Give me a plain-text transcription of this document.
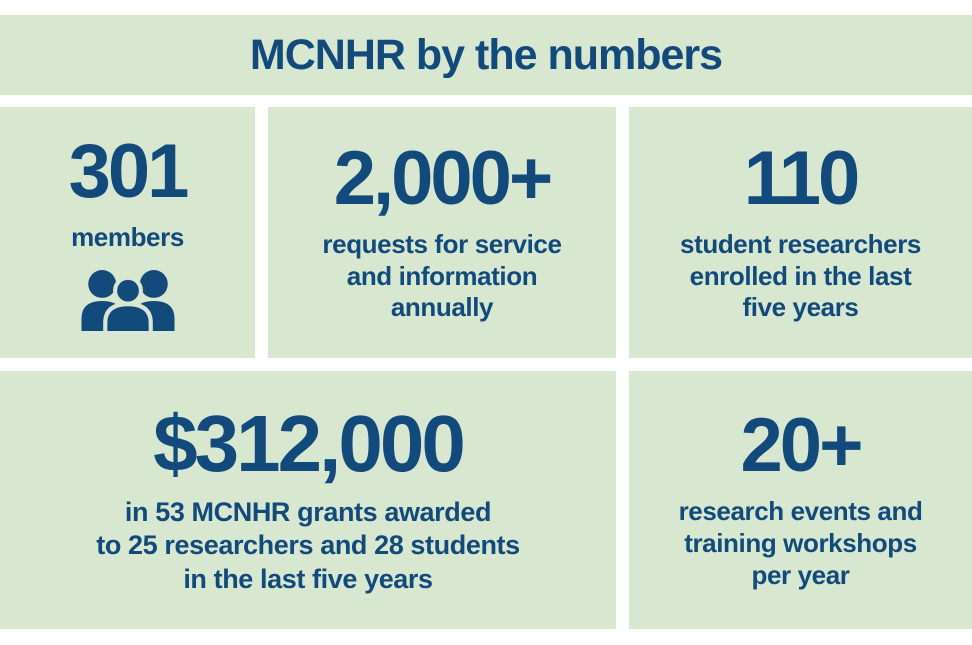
MCNHR by the numbers
301
members
2,000+
requests for service
and information
annually
110
student researchers
enrolled in the last
five years
$312,000
in 53 MCNHR grants awarded
to 25 researchers and 28 students
in the last five years
20+
research events and
training workshops
per year
